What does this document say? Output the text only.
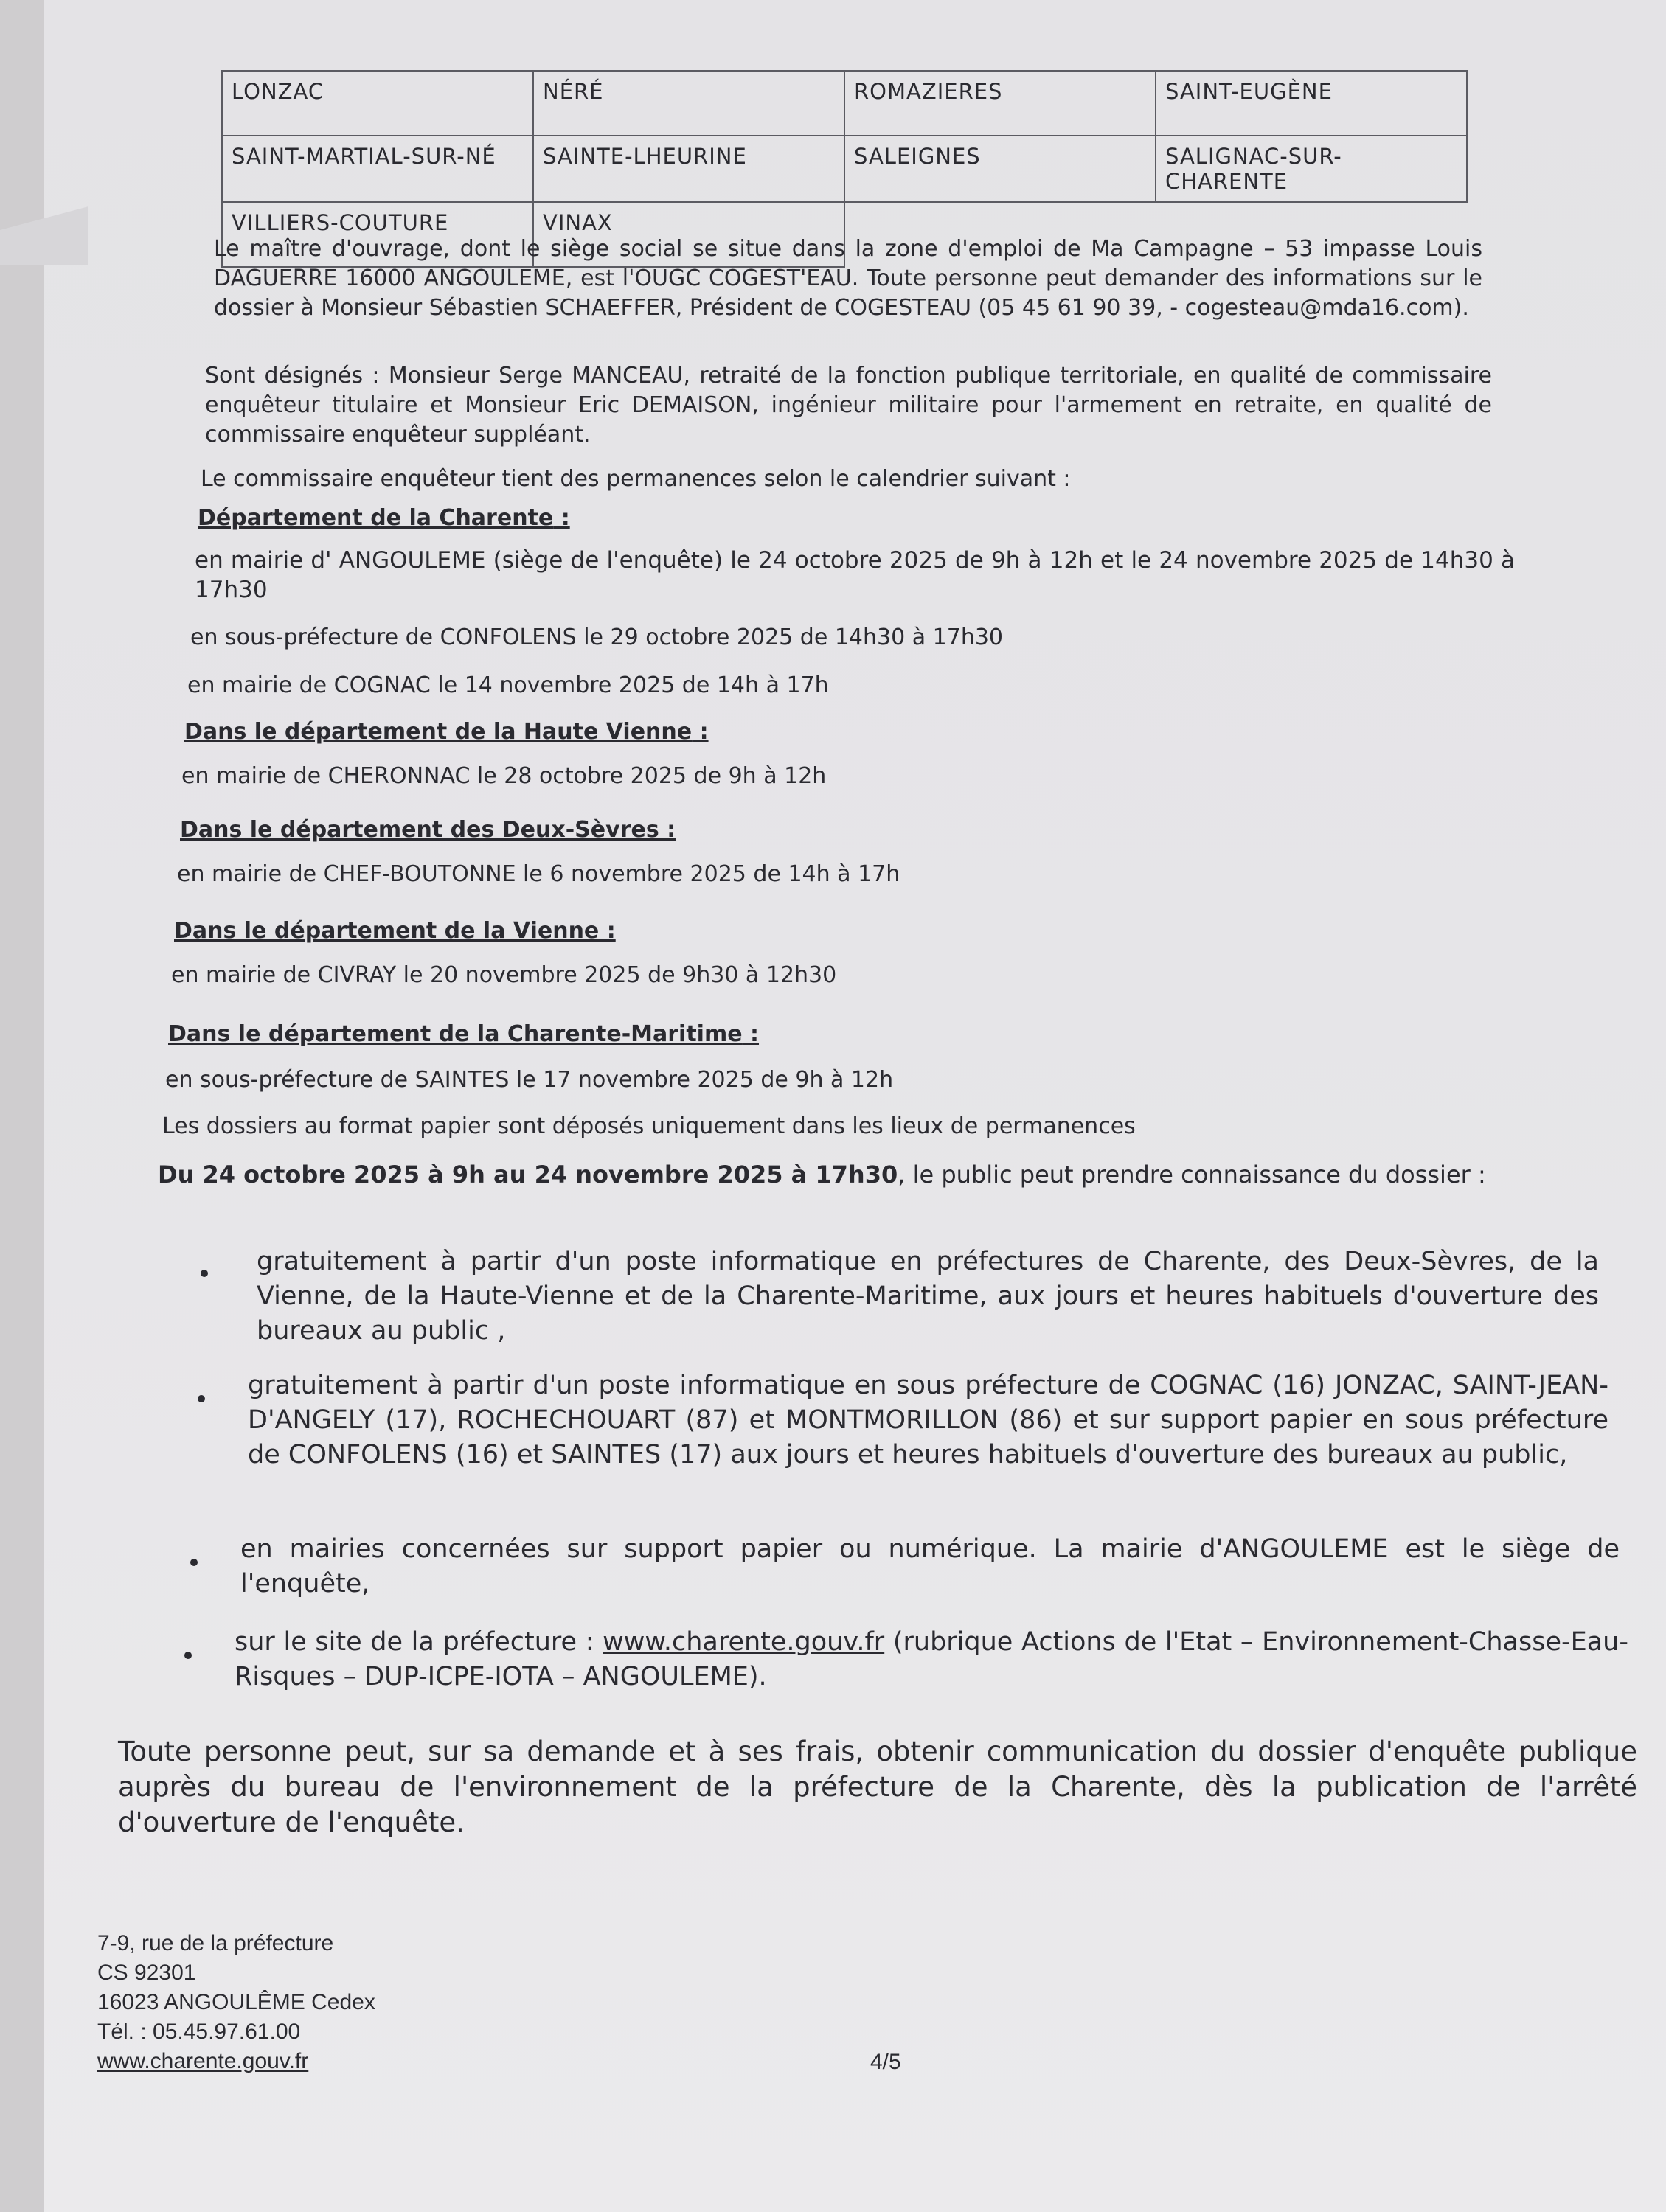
LONZAC	NÉRÉ	ROMAZIERES	SAINT-EUGÈNE
SAINT-MARTIAL-SUR-NÉ	SAINTE-LHEURINE	SALEIGNES	SALIGNAC-SUR-CHARENTE
VILLIERS-COUTURE	VINAX		
Le maître d'ouvrage, dont le siège social se situe dans la zone d'emploi de Ma Campagne – 53 impasse Louis DAGUERRE 16000 ANGOULEME, est l'OUGC COGEST'EAU. Toute personne peut demander des informations sur le dossier à Monsieur Sébastien SCHAEFFER, Président de COGESTEAU (05 45 61 90 39, - cogesteau@mda16.com).
Sont désignés : Monsieur Serge MANCEAU, retraité de la fonction publique territoriale, en qualité de commissaire enquêteur titulaire et Monsieur Eric DEMAISON, ingénieur militaire pour l'armement en retraite, en qualité de commissaire enquêteur suppléant.
Le commissaire enquêteur tient des permanences selon le calendrier suivant :
Département de la Charente :
en mairie d' ANGOULEME (siège de l'enquête) le 24 octobre 2025 de 9h à 12h et le 24 novembre 2025 de 14h30 à 17h30
en sous-préfecture de CONFOLENS le 29 octobre 2025 de 14h30 à 17h30
en mairie de COGNAC le 14 novembre 2025 de 14h à 17h
Dans le département de la Haute Vienne :
en mairie de CHERONNAC le 28 octobre 2025 de 9h à 12h
Dans le département des Deux-Sèvres :
en mairie de CHEF-BOUTONNE le 6 novembre 2025 de 14h à 17h
Dans le département de la Vienne :
en mairie de CIVRAY le 20 novembre 2025 de 9h30 à 12h30
Dans le département de la Charente-Maritime :
en sous-préfecture de SAINTES le 17 novembre 2025 de 9h à 12h
Les dossiers au format papier sont déposés uniquement dans les lieux de permanences
Du 24 octobre 2025 à 9h au 24 novembre 2025 à 17h30, le public peut prendre connaissance du dossier :
gratuitement à partir d'un poste informatique en préfectures de Charente, des Deux-Sèvres, de la Vienne, de la Haute-Vienne et de la Charente-Maritime, aux jours et heures habituels d'ouverture des bureaux au public ,
gratuitement à partir d'un poste informatique en sous préfecture de COGNAC (16) JONZAC, SAINT-JEAN-D'ANGELY (17), ROCHECHOUART (87) et MONTMORILLON (86) et sur support papier en sous préfecture de CONFOLENS (16) et SAINTES (17) aux jours et heures habituels d'ouverture des bureaux au public,
en mairies concernées sur support papier ou numérique. La mairie d'ANGOULEME est le siège de l'enquête,
sur le site de la préfecture : www.charente.gouv.fr (rubrique Actions de l'Etat – Environnement-Chasse-Eau-Risques – DUP-ICPE-IOTA – ANGOULEME).
Toute personne peut, sur sa demande et à ses frais, obtenir communication du dossier d'enquête publique auprès du bureau de l'environnement de la préfecture de la Charente, dès la publication de l'arrêté d'ouverture de l'enquête.
7-9, rue de la préfecture
CS 92301
16023 ANGOULÊME Cedex
Tél. : 05.45.97.61.00
www.charente.gouv.fr	4/5
